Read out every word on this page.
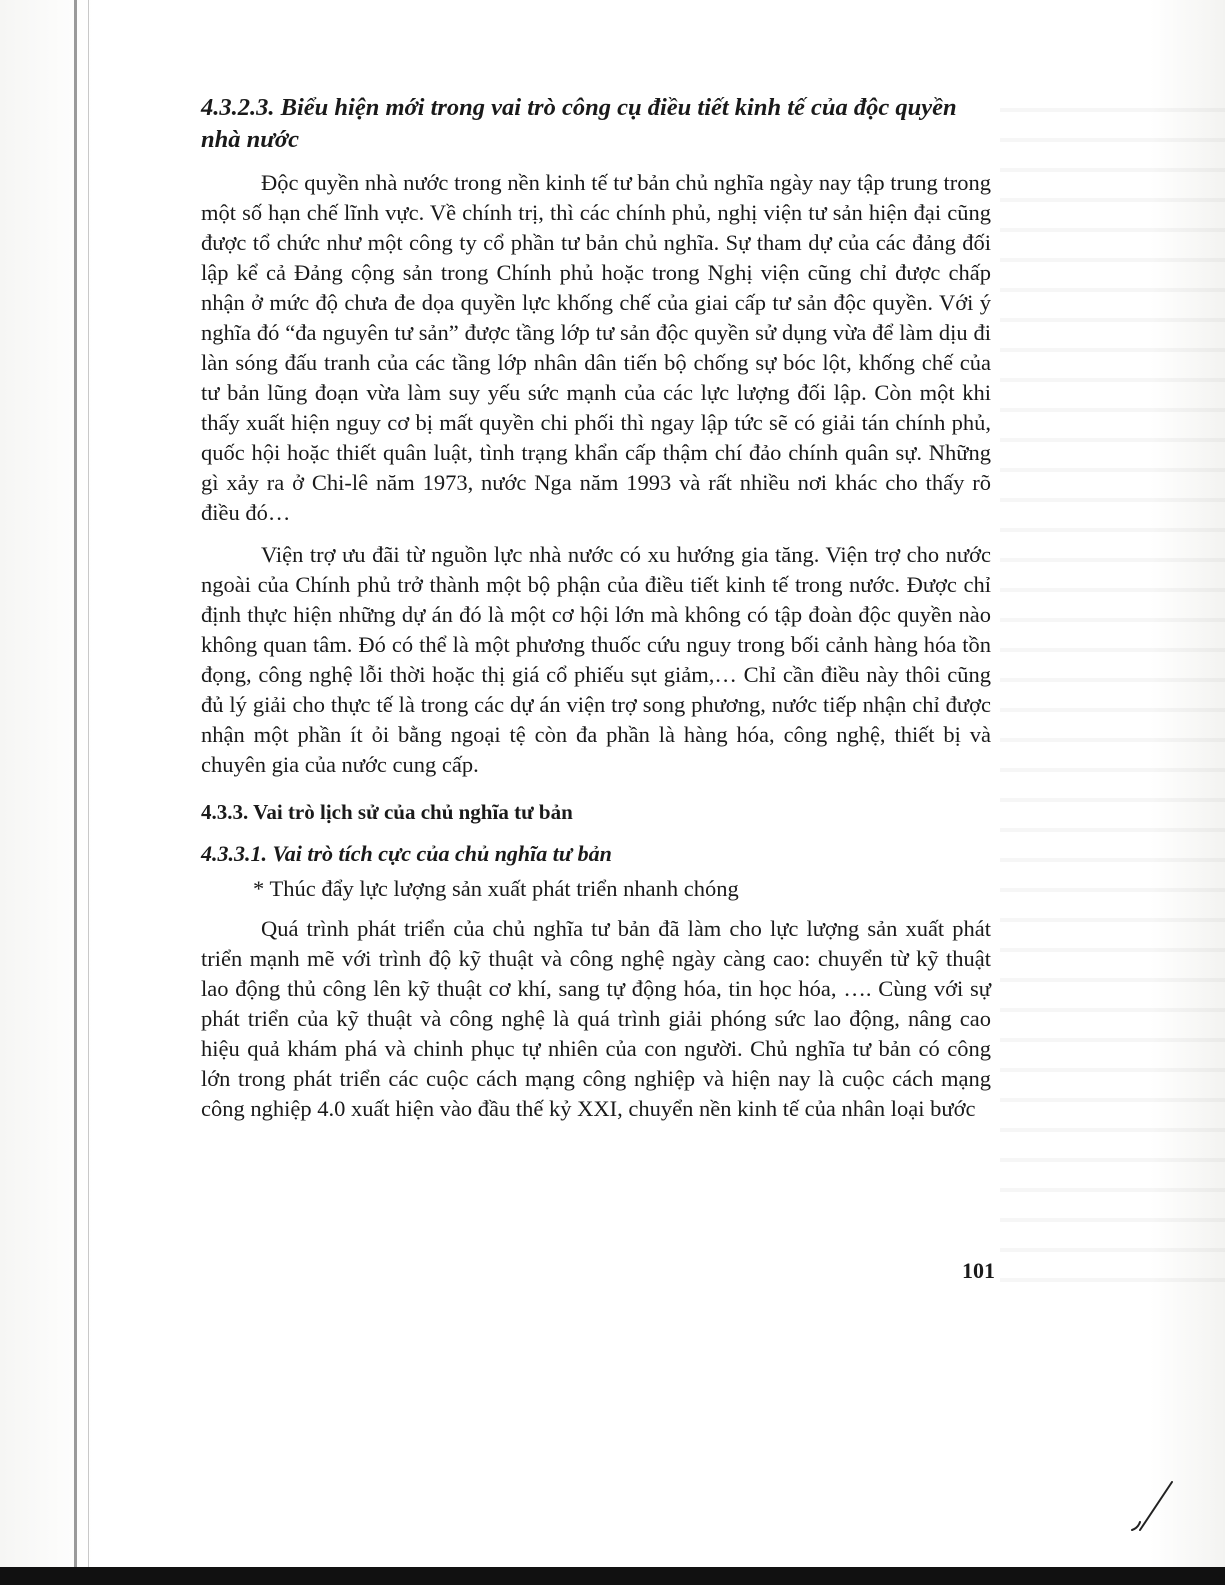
4.3.2.3. Biểu hiện mới trong vai trò công cụ điều tiết kinh tế của độc quyền nhà nước

Độc quyền nhà nước trong nền kinh tế tư bản chủ nghĩa ngày nay tập trung trong một số hạn chế lĩnh vực. Về chính trị, thì các chính phủ, nghị viện tư sản hiện đại cũng được tổ chức như một công ty cổ phần tư bản chủ nghĩa. Sự tham dự của các đảng đối lập kể cả Đảng cộng sản trong Chính phủ hoặc trong Nghị viện cũng chỉ được chấp nhận ở mức độ chưa đe dọa quyền lực khống chế của giai cấp tư sản độc quyền. Với ý nghĩa đó “đa nguyên tư sản” được tầng lớp tư sản độc quyền sử dụng vừa để làm dịu đi làn sóng đấu tranh của các tầng lớp nhân dân tiến bộ chống sự bóc lột, khống chế của tư bản lũng đoạn vừa làm suy yếu sức mạnh của các lực lượng đối lập. Còn một khi thấy xuất hiện nguy cơ bị mất quyền chi phối thì ngay lập tức sẽ có giải tán chính phủ, quốc hội hoặc thiết quân luật, tình trạng khẩn cấp thậm chí đảo chính quân sự. Những gì xảy ra ở Chi-lê năm 1973, nước Nga năm 1993 và rất nhiều nơi khác cho thấy rõ điều đó…

Viện trợ ưu đãi từ nguồn lực nhà nước có xu hướng gia tăng. Viện trợ cho nước ngoài của Chính phủ trở thành một bộ phận của điều tiết kinh tế trong nước. Được chỉ định thực hiện những dự án đó là một cơ hội lớn mà không có tập đoàn độc quyền nào không quan tâm. Đó có thể là một phương thuốc cứu nguy trong bối cảnh hàng hóa tồn đọng, công nghệ lỗi thời hoặc thị giá cổ phiếu sụt giảm,… Chỉ cần điều này thôi cũng đủ lý giải cho thực tế là trong các dự án viện trợ song phương, nước tiếp nhận chỉ được nhận một phần ít ỏi bằng ngoại tệ còn đa phần là hàng hóa, công nghệ, thiết bị và chuyên gia của nước cung cấp.

4.3.3. Vai trò lịch sử của chủ nghĩa tư bản
4.3.3.1. Vai trò tích cực của chủ nghĩa tư bản

* Thúc đẩy lực lượng sản xuất phát triển nhanh chóng

Quá trình phát triển của chủ nghĩa tư bản đã làm cho lực lượng sản xuất phát triển mạnh mẽ với trình độ kỹ thuật và công nghệ ngày càng cao: chuyển từ kỹ thuật lao động thủ công lên kỹ thuật cơ khí, sang tự động hóa, tin học hóa, …. Cùng với sự phát triển của kỹ thuật và công nghệ là quá trình giải phóng sức lao động, nâng cao hiệu quả khám phá và chinh phục tự nhiên của con người. Chủ nghĩa tư bản có công lớn trong phát triển các cuộc cách mạng công nghiệp và hiện nay là cuộc cách mạng công nghiệp 4.0 xuất hiện vào đầu thế kỷ XXI, chuyển nền kinh tế của nhân loại bước

101
